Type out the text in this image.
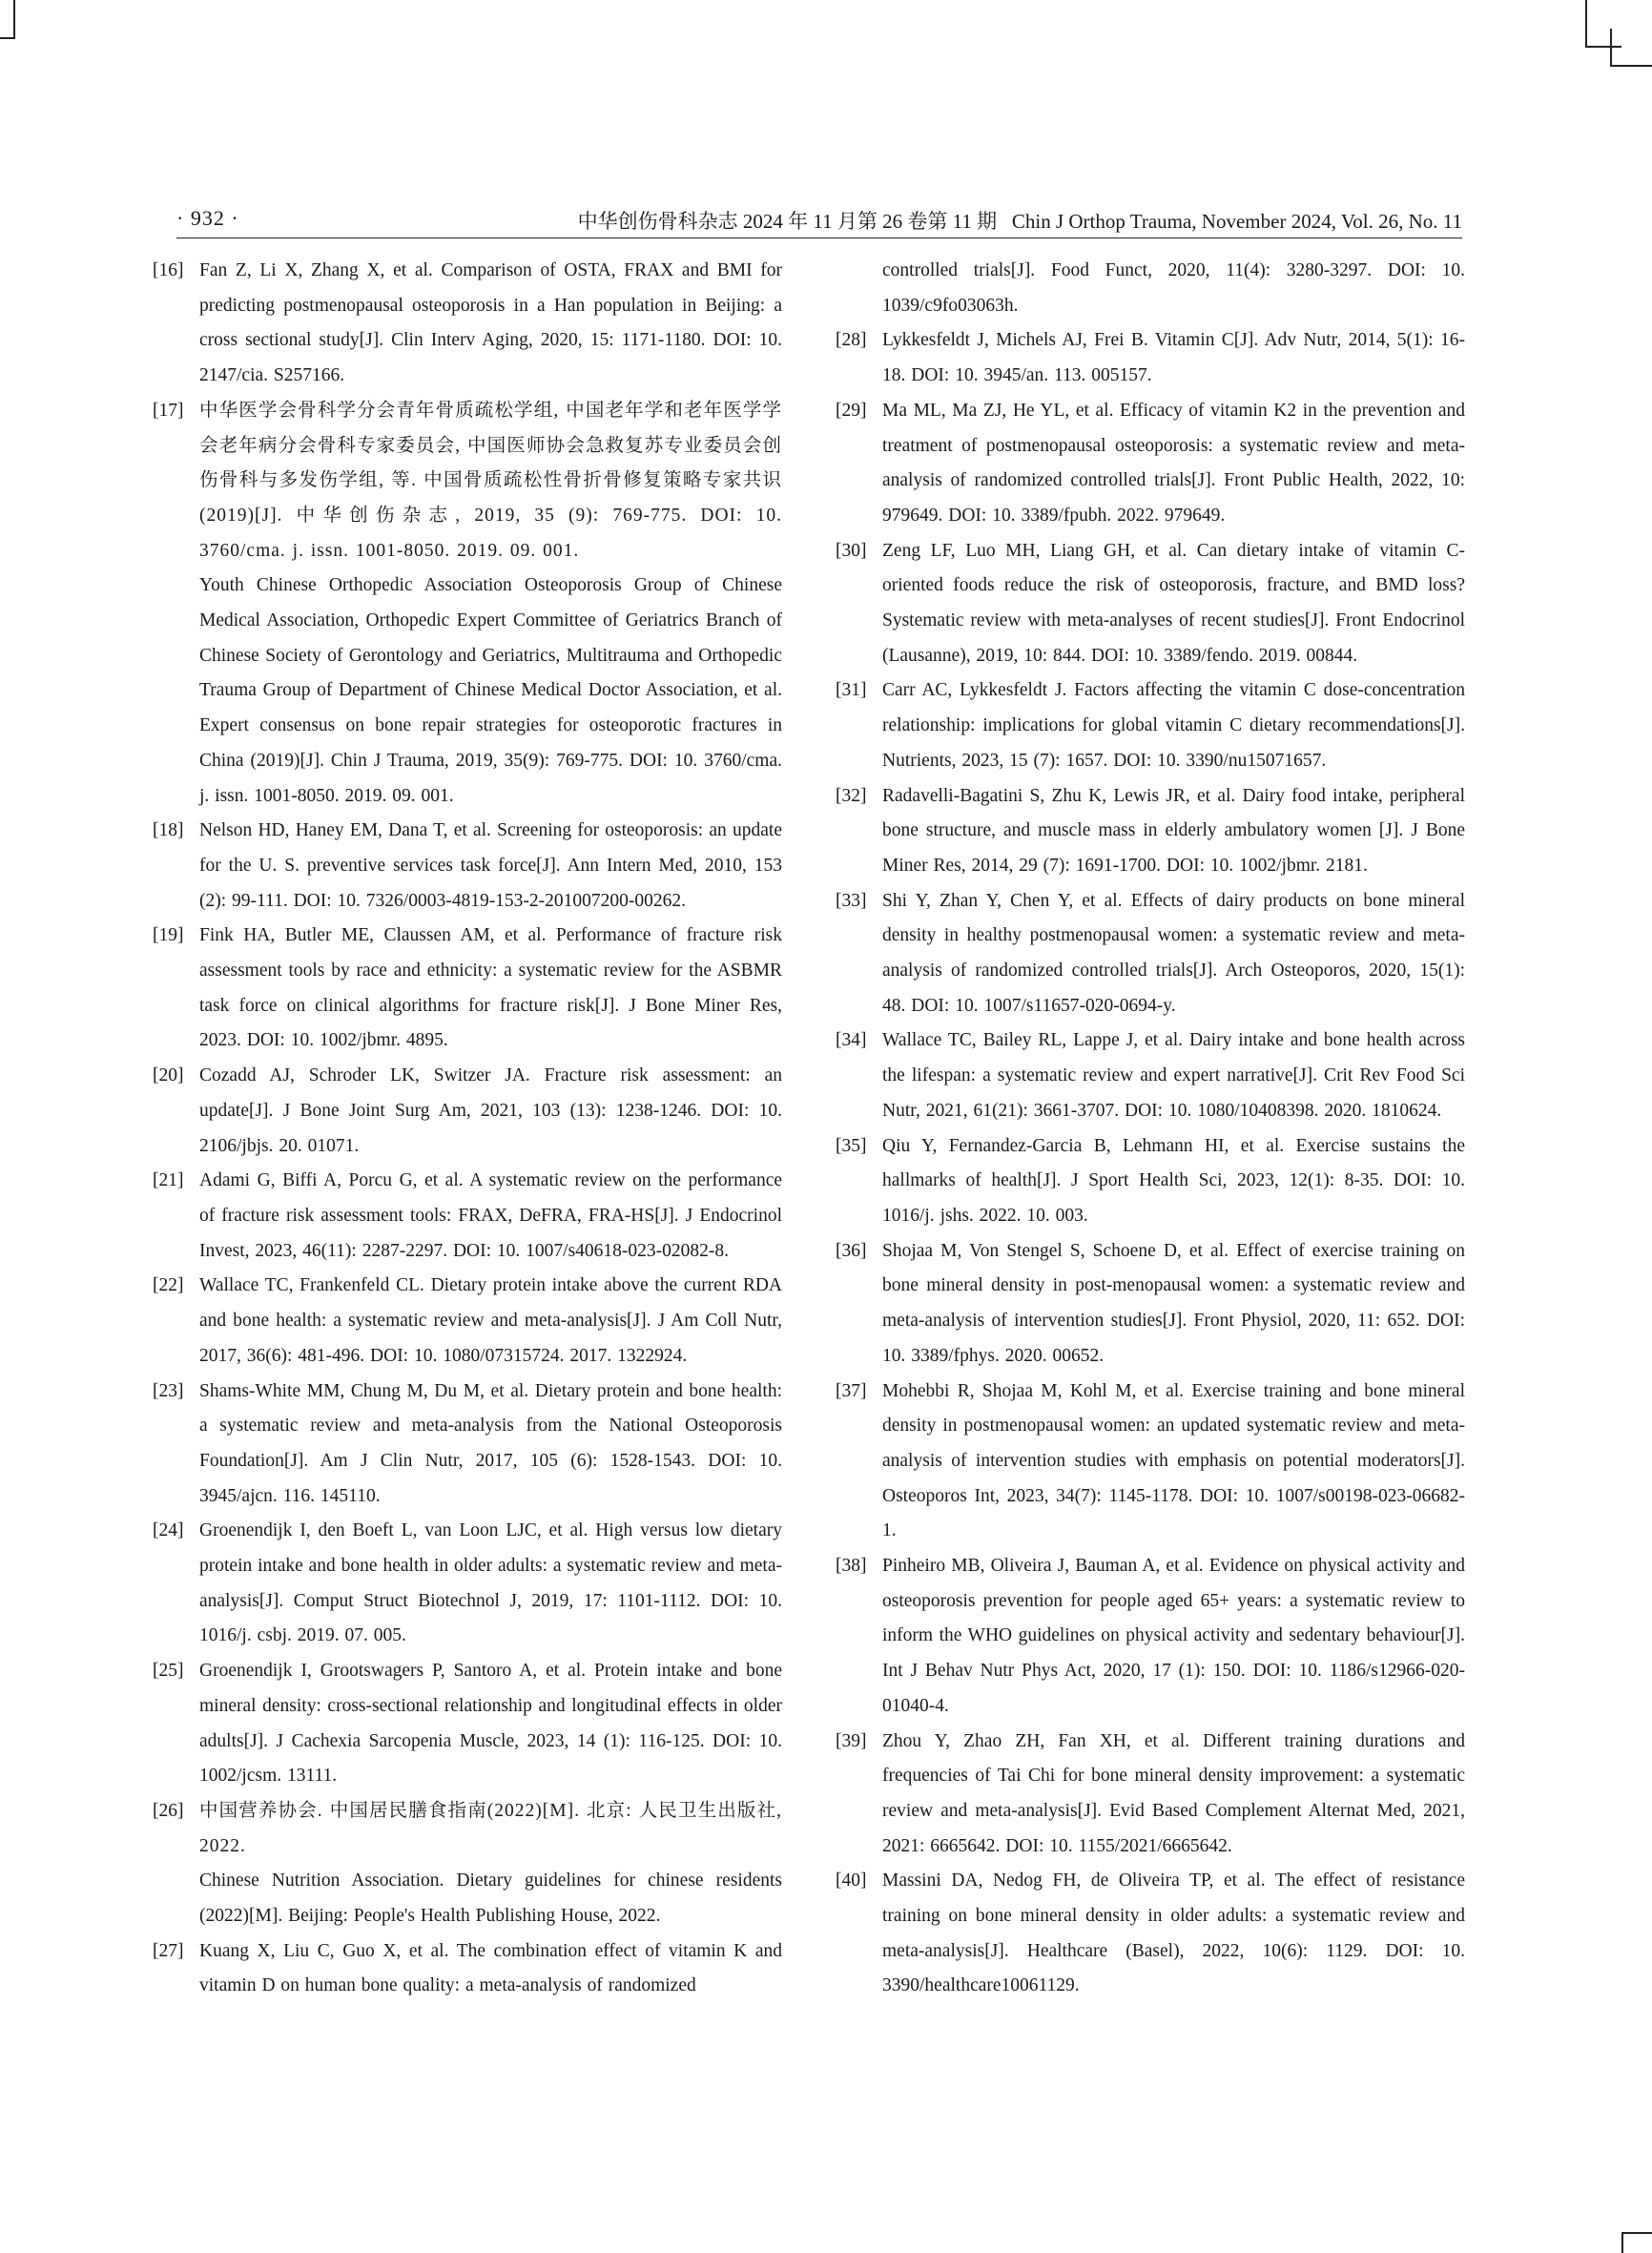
· 932 ·	中华创伤骨科杂志 2024 年 11 月第 26 卷第 11 期 Chin J Orthop Trauma, November 2024, Vol. 26, No. 11
[16] Fan Z, Li X, Zhang X, et al. Comparison of OSTA, FRAX and BMI for predicting postmenopausal osteoporosis in a Han population in Beijing: a cross sectional study[J]. Clin Interv Aging, 2020, 15: 1171-1180. DOI: 10. 2147/cia. S257166.

[17] 中华医学会骨科学分会青年骨质疏松学组, 中国老年学和老年医学学会老年病分会骨科专家委员会, 中国医师协会急救复苏专业委员会创伤骨科与多发伤学组, 等. 中国骨质疏松性骨折骨修复策略专家共识(2019)[J]. 中华创伤杂志, 2019, 35 (9): 769-775. DOI: 10. 3760/cma. j. issn. 1001-8050. 2019. 09. 001.

Youth Chinese Orthopedic Association Osteoporosis Group of Chinese Medical Association, Orthopedic Expert Committee of Geriatrics Branch of Chinese Society of Gerontology and Geriatrics, Multitrauma and Orthopedic Trauma Group of Department of Chinese Medical Doctor Association, et al. Expert consensus on bone repair strategies for osteoporotic fractures in China (2019)[J]. Chin J Trauma, 2019, 35(9): 769-775. DOI: 10. 3760/cma. j. issn. 1001-8050. 2019. 09. 001.

[18] Nelson HD, Haney EM, Dana T, et al. Screening for osteoporosis: an update for the U. S. preventive services task force[J]. Ann Intern Med, 2010, 153 (2): 99-111. DOI: 10. 7326/0003-4819-153-2-201007200-00262.

[19] Fink HA, Butler ME, Claussen AM, et al. Performance of fracture risk assessment tools by race and ethnicity: a systematic review for the ASBMR task force on clinical algorithms for fracture risk[J]. J Bone Miner Res, 2023. DOI: 10. 1002/jbmr. 4895.

[20] Cozadd AJ, Schroder LK, Switzer JA. Fracture risk assessment: an update[J]. J Bone Joint Surg Am, 2021, 103 (13): 1238-1246. DOI: 10. 2106/jbjs. 20. 01071.

[21] Adami G, Biffi A, Porcu G, et al. A systematic review on the performance of fracture risk assessment tools: FRAX, DeFRA, FRA-HS[J]. J Endocrinol Invest, 2023, 46(11): 2287-2297. DOI: 10. 1007/s40618-023-02082-8.

[22] Wallace TC, Frankenfeld CL. Dietary protein intake above the current RDA and bone health: a systematic review and meta-analysis[J]. J Am Coll Nutr, 2017, 36(6): 481-496. DOI: 10. 1080/07315724. 2017. 1322924.

[23] Shams-White MM, Chung M, Du M, et al. Dietary protein and bone health: a systematic review and meta-analysis from the National Osteoporosis Foundation[J]. Am J Clin Nutr, 2017, 105 (6): 1528-1543. DOI: 10. 3945/ajcn. 116. 145110.

[24] Groenendijk I, den Boeft L, van Loon LJC, et al. High versus low dietary protein intake and bone health in older adults: a systematic review and meta-analysis[J]. Comput Struct Biotechnol J, 2019, 17: 1101-1112. DOI: 10. 1016/j. csbj. 2019. 07. 005.

[25] Groenendijk I, Grootswagers P, Santoro A, et al. Protein intake and bone mineral density: cross-sectional relationship and longitudinal effects in older adults[J]. J Cachexia Sarcopenia Muscle, 2023, 14 (1): 116-125. DOI: 10. 1002/jcsm. 13111.

[26] 中国营养协会. 中国居民膳食指南(2022)[M]. 北京: 人民卫生出版社, 2022.

Chinese Nutrition Association. Dietary guidelines for chinese residents (2022)[M]. Beijing: People's Health Publishing House, 2022.

[27] Kuang X, Liu C, Guo X, et al. The combination effect of vitamin K and vitamin D on human bone quality: a meta-analysis of randomized

controlled trials[J]. Food Funct, 2020, 11(4): 3280-3297. DOI: 10. 1039/c9fo03063h.

[28] Lykkesfeldt J, Michels AJ, Frei B. Vitamin C[J]. Adv Nutr, 2014, 5(1): 16-18. DOI: 10. 3945/an. 113. 005157.

[29] Ma ML, Ma ZJ, He YL, et al. Efficacy of vitamin K2 in the prevention and treatment of postmenopausal osteoporosis: a systematic review and meta-analysis of randomized controlled trials[J]. Front Public Health, 2022, 10: 979649. DOI: 10. 3389/fpubh. 2022. 979649.

[30] Zeng LF, Luo MH, Liang GH, et al. Can dietary intake of vitamin C-oriented foods reduce the risk of osteoporosis, fracture, and BMD loss? Systematic review with meta-analyses of recent studies[J]. Front Endocrinol (Lausanne), 2019, 10: 844. DOI: 10. 3389/fendo. 2019. 00844.

[31] Carr AC, Lykkesfeldt J. Factors affecting the vitamin C dose-concentration relationship: implications for global vitamin C dietary recommendations[J]. Nutrients, 2023, 15 (7): 1657. DOI: 10. 3390/nu15071657.

[32] Radavelli-Bagatini S, Zhu K, Lewis JR, et al. Dairy food intake, peripheral bone structure, and muscle mass in elderly ambulatory women [J]. J Bone Miner Res, 2014, 29 (7): 1691-1700. DOI: 10. 1002/jbmr. 2181.

[33] Shi Y, Zhan Y, Chen Y, et al. Effects of dairy products on bone mineral density in healthy postmenopausal women: a systematic review and meta-analysis of randomized controlled trials[J]. Arch Osteoporos, 2020, 15(1): 48. DOI: 10. 1007/s11657-020-0694-y.

[34] Wallace TC, Bailey RL, Lappe J, et al. Dairy intake and bone health across the lifespan: a systematic review and expert narrative[J]. Crit Rev Food Sci Nutr, 2021, 61(21): 3661-3707. DOI: 10. 1080/10408398. 2020. 1810624.

[35] Qiu Y, Fernandez-Garcia B, Lehmann HI, et al. Exercise sustains the hallmarks of health[J]. J Sport Health Sci, 2023, 12(1): 8-35. DOI: 10. 1016/j. jshs. 2022. 10. 003.

[36] Shojaa M, Von Stengel S, Schoene D, et al. Effect of exercise training on bone mineral density in post-menopausal women: a systematic review and meta-analysis of intervention studies[J]. Front Physiol, 2020, 11: 652. DOI: 10. 3389/fphys. 2020. 00652.

[37] Mohebbi R, Shojaa M, Kohl M, et al. Exercise training and bone mineral density in postmenopausal women: an updated systematic review and meta-analysis of intervention studies with emphasis on potential moderators[J]. Osteoporos Int, 2023, 34(7): 1145-1178. DOI: 10. 1007/s00198-023-06682-1.

[38] Pinheiro MB, Oliveira J, Bauman A, et al. Evidence on physical activity and osteoporosis prevention for people aged 65+ years: a systematic review to inform the WHO guidelines on physical activity and sedentary behaviour[J]. Int J Behav Nutr Phys Act, 2020, 17 (1): 150. DOI: 10. 1186/s12966-020-01040-4.

[39] Zhou Y, Zhao ZH, Fan XH, et al. Different training durations and frequencies of Tai Chi for bone mineral density improvement: a systematic review and meta-analysis[J]. Evid Based Complement Alternat Med, 2021, 2021: 6665642. DOI: 10. 1155/2021/6665642.

[40] Massini DA, Nedog FH, de Oliveira TP, et al. The effect of resistance training on bone mineral density in older adults: a systematic review and meta-analysis[J]. Healthcare (Basel), 2022, 10(6): 1129. DOI: 10. 3390/healthcare10061129.
